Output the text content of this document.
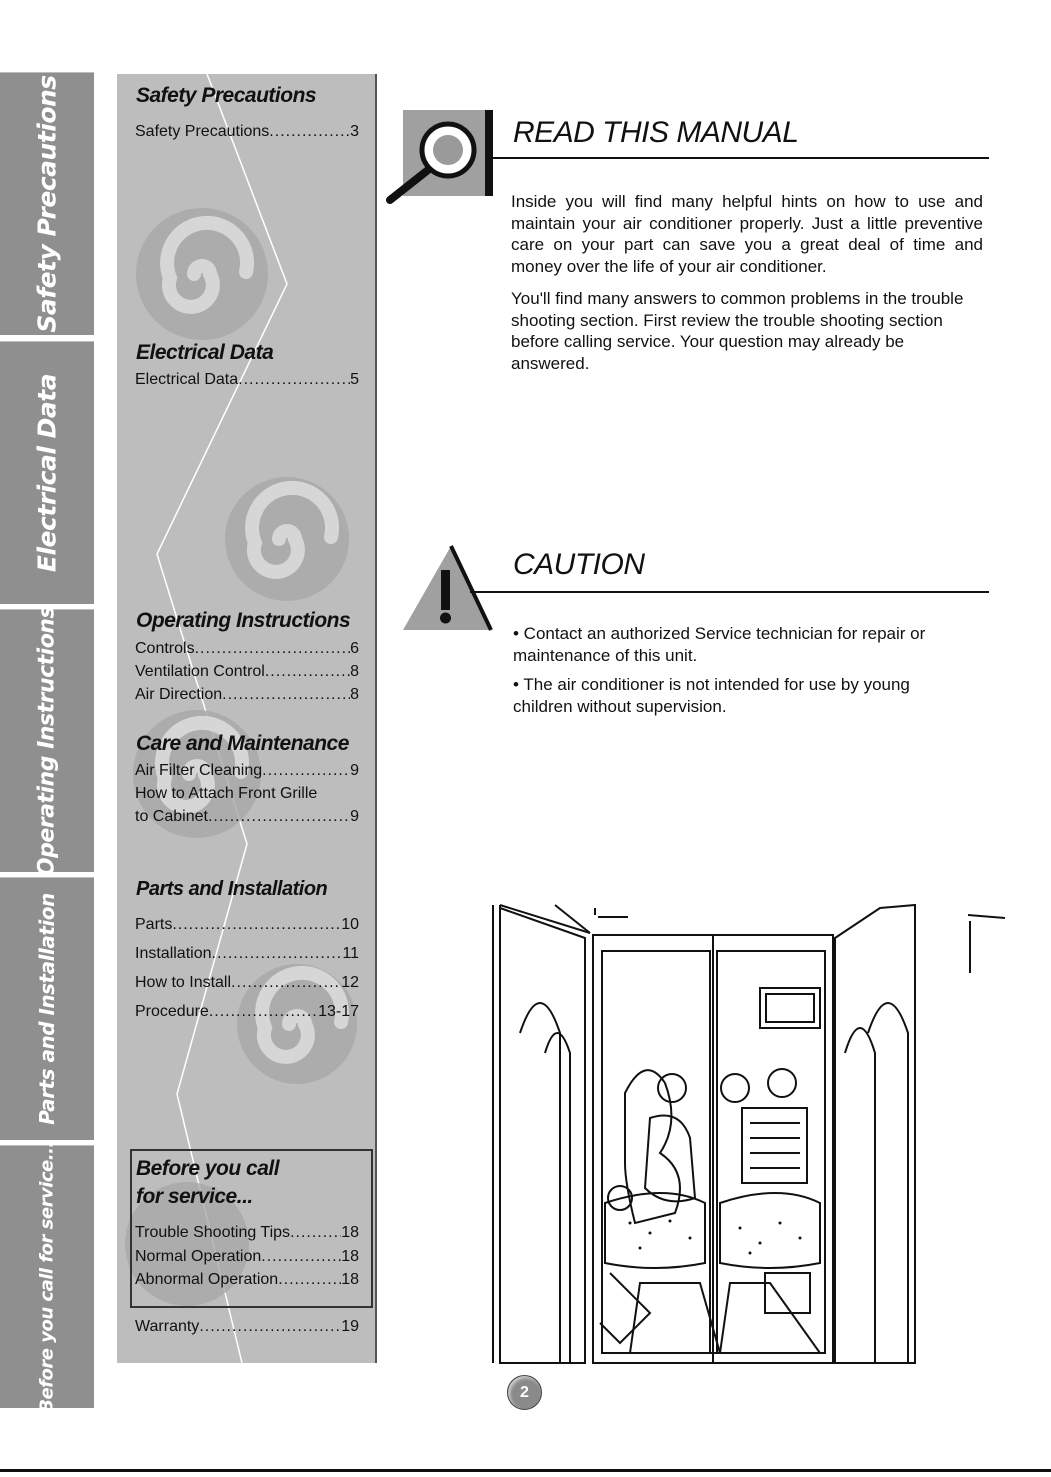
Safety Precautions
Electrical Data
Operating Instructions
Parts and Installation
Before you call for service...
Safety Precautions
Safety Precautions	3
.....
Electrical Data
Electrical Data	5
.....
Operating Instructions
Controls	6
.....
Ventilation Control	8
.....
Air Direction	8
.....
Care and Maintenance
Air Filter Cleaning	9
.....
How to Attach Front Grille
to Cabinet	9
.....
Parts and Installation
Parts	10
.....
Installation	11
.....
How to Install	12
.....
Procedure	13-17
.....
Before you call
for service...
Trouble Shooting Tips	18
.....
Normal Operation	18
.....
Abnormal Operation	18
.....
Warranty	19
.....
READ THIS MANUAL
Inside you will find many helpful hints on how to use and maintain your air conditioner properly. Just a little preventive care on your part can save you a great deal of time and money over the life of your air conditioner.
You'll find many answers to common problems in the trouble shooting section. First review the trouble shooting section before calling service. Your question may already be answered.
CAUTION
• Contact an authorized Service technician for repair or maintenance of this unit.
• The air conditioner is not intended for use by young children without supervision.
2
